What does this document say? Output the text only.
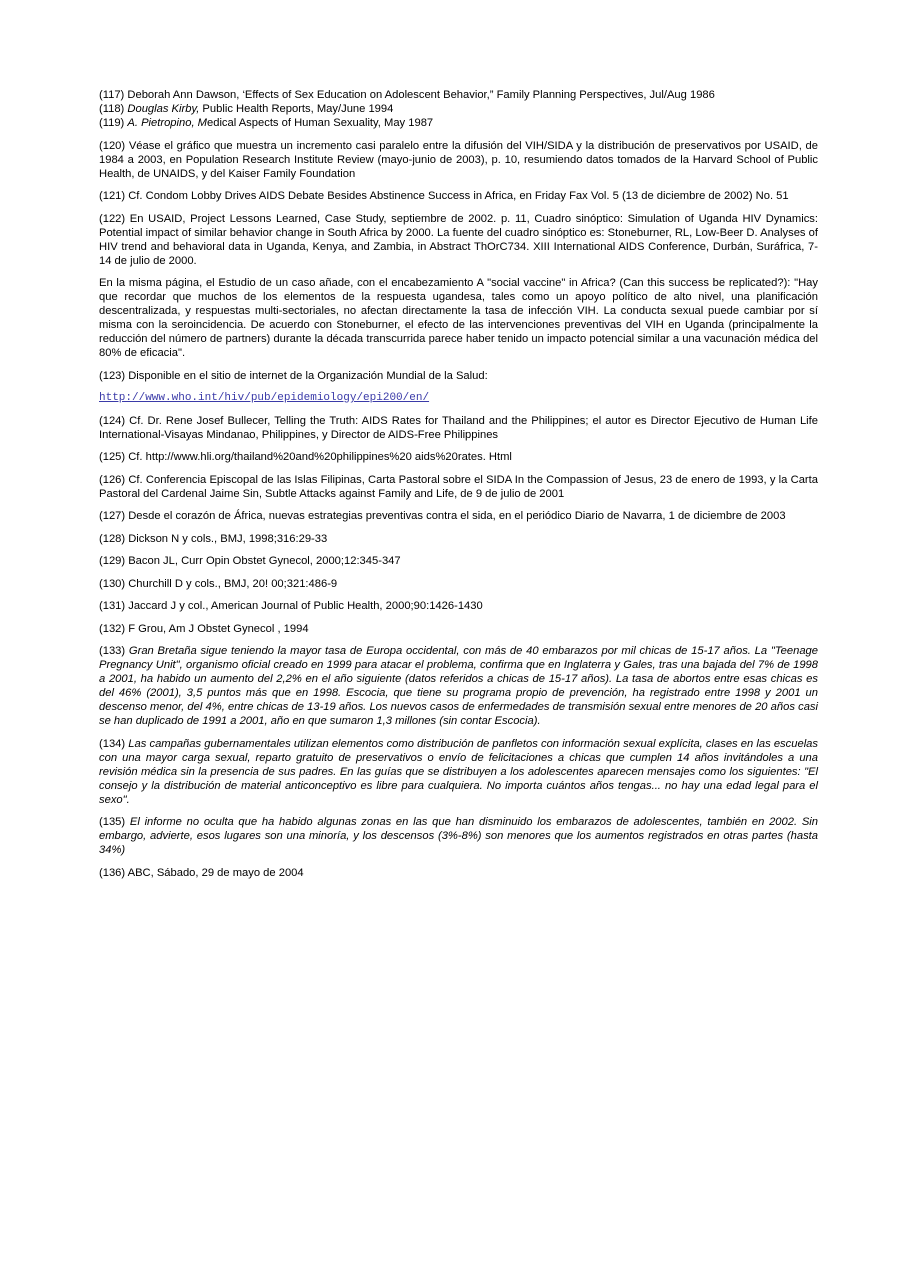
(117) Deborah Ann Dawson, ‘Effects of Sex Education on Adolescent Behavior,” Family Planning Perspectives, Jul/Aug 1986

(118) Douglas Kirby, Public Health Reports, May/June 1994

(119) A. Pietropino, Medical Aspects of Human Sexuality, May 1987

(120) Véase el gráfico que muestra un incremento casi paralelo entre la difusión del VIH/SIDA y la distribución de preservativos por USAID, de 1984 a 2003, en Population Research Institute Review (mayo-junio de 2003), p. 10, resumiendo datos tomados de la Harvard School of Public Health, de UNAIDS, y del Kaiser Family Foundation

(121) Cf. Condom Lobby Drives AIDS Debate Besides Abstinence Success in Africa, en Friday Fax Vol. 5 (13 de diciembre de 2002) No. 51

(122) En USAID, Project Lessons Learned, Case Study, septiembre de 2002. p. 11, Cuadro sinóptico: Simulation of Uganda HIV Dynamics: Potential impact of similar behavior change in South Africa by 2000. La fuente del cuadro sinóptico es: Stoneburner, RL, Low-Beer D. Analyses of HIV trend and behavioral data in Uganda, Kenya, and Zambia, in Abstract ThOrC734. XIII International AIDS Conference, Durbán, Suráfrica, 7-14 de julio de 2000.

En la misma página, el Estudio de un caso añade, con el encabezamiento A "social vaccine" in Africa? (Can this success be replicated?): "Hay que recordar que muchos de los elementos de la respuesta ugandesa, tales como un apoyo político de alto nivel, una planificación descentralizada, y respuestas multi-sectoriales, no afectan directamente la tasa de infección VIH. La conducta sexual puede cambiar por sí misma con la seroincidencia. De acuerdo con Stoneburner, el efecto de las intervenciones preventivas del VIH en Uganda (principalmente la reducción del número de partners) durante la década transcurrida parece haber tenido un impacto potencial similar a una vacunación médica del 80% de eficacia".

(123) Disponible en el sitio de internet de la Organización Mundial de la Salud:

http://www.who.int/hiv/pub/epidemiology/epi200/en/

(124) Cf. Dr. Rene Josef Bullecer, Telling the Truth: AIDS Rates for Thailand and the Philippines; el autor es Director Ejecutivo de Human Life International-Visayas Mindanao, Philippines, y Director de AIDS-Free Philippines

(125) Cf. http://www.hli.org/thailand%20and%20philippines%20 aids%20rates. Html

(126) Cf. Conferencia Episcopal de las Islas Filipinas, Carta Pastoral sobre el SIDA In the Compassion of Jesus, 23 de enero de 1993, y la Carta Pastoral del Cardenal Jaime Sin, Subtle Attacks against Family and Life, de 9 de julio de 2001

(127) Desde el corazón de África, nuevas estrategias preventivas contra el sida, en el periódico Diario de Navarra, 1 de diciembre de 2003

(128) Dickson N y cols., BMJ, 1998;316:29-33

(129) Bacon JL, Curr Opin Obstet Gynecol, 2000;12:345-347

(130) Churchill D y cols., BMJ, 20! 00;321:486-9

(131) Jaccard J y col., American Journal of Public Health, 2000;90:1426-1430

(132) F Grou, Am J Obstet Gynecol , 1994

(133) Gran Bretaña sigue teniendo la mayor tasa de Europa occidental, con más de 40 embarazos por mil chicas de 15-17 años. La "Teenage Pregnancy Unit", organismo oficial creado en 1999 para atacar el problema, confirma que en Inglaterra y Gales, tras una bajada del 7% de 1998 a 2001, ha habido un aumento del 2,2% en el año siguiente (datos referidos a chicas de 15-17 años). La tasa de abortos entre esas chicas es del 46% (2001), 3,5 puntos más que en 1998. Escocia, que tiene su programa propio de prevención, ha registrado entre 1998 y 2001 un descenso menor, del 4%, entre chicas de 13-19 años. Los nuevos casos de enfermedades de transmisión sexual entre menores de 20 años casi se han duplicado de 1991 a 2001, año en que sumaron 1,3 millones (sin contar Escocia).

(134) Las campañas gubernamentales utilizan elementos como distribución de panfletos con información sexual explícita, clases en las escuelas con una mayor carga sexual, reparto gratuito de preservativos o envío de felicitaciones a chicas que cumplen 14 años invitándoles a una revisión médica sin la presencia de sus padres. En las guías que se distribuyen a los adolescentes aparecen mensajes como los siguientes: "El consejo y la distribución de material anticonceptivo es libre para cualquiera. No importa cuántos años tengas... no hay una edad legal para el sexo".

(135) El informe no oculta que ha habido algunas zonas en las que han disminuido los embarazos de adolescentes, también en 2002. Sin embargo, advierte, esos lugares son una minoría, y los descensos (3%-8%) son menores que los aumentos registrados en otras partes (hasta 34%)

(136) ABC, Sábado, 29 de mayo de 2004
